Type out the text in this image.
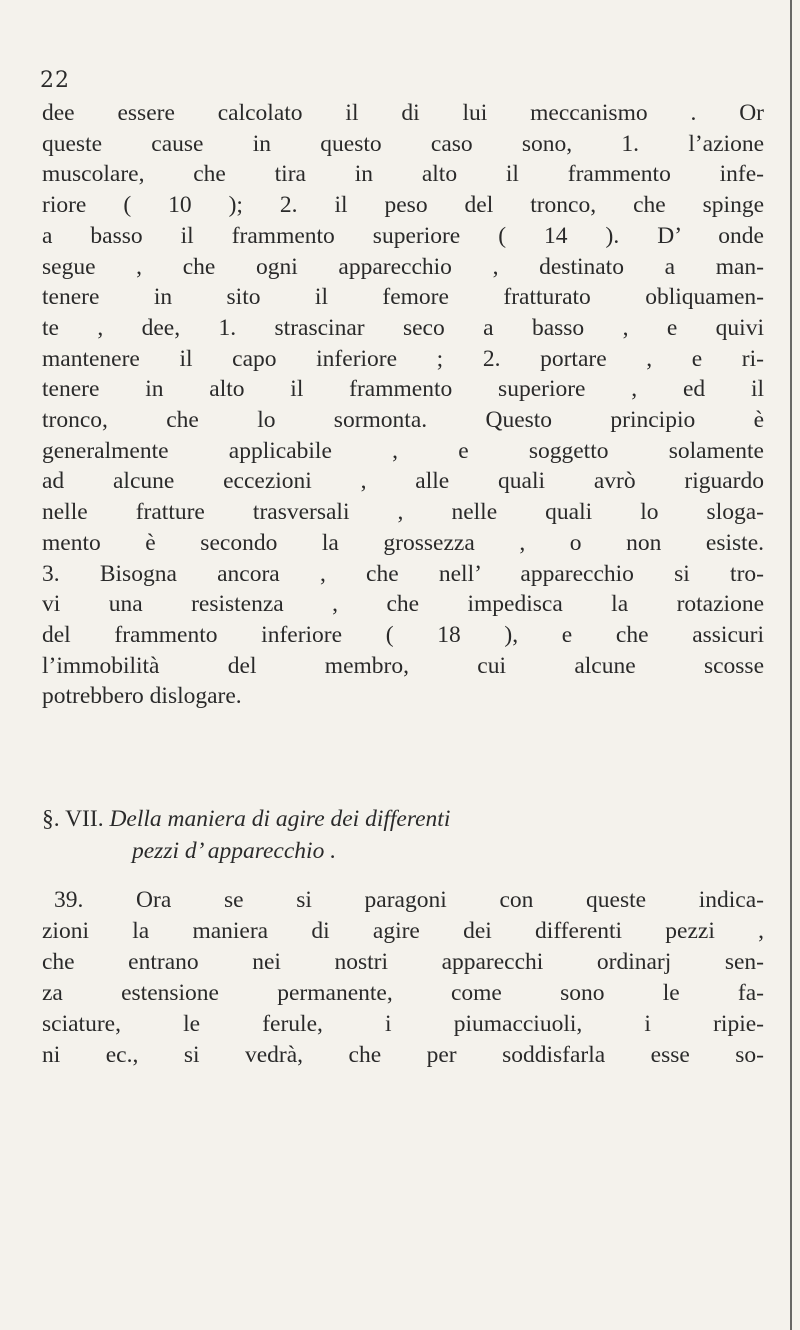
22
dee essere calcolato il di lui meccanismo . Or
queste cause in questo caso sono, 1. l’azione
muscolare, che tira in alto il frammento infe-
riore ( 10 ); 2. il peso del tronco, che spinge
a basso il frammento superiore ( 14 ). D’ onde
segue , che ogni apparecchio , destinato a man-
tenere in sito il femore fratturato obliquamen-
te , dee, 1. strascinar seco a basso , e quivi
mantenere il capo inferiore ; 2. portare , e ri-
tenere in alto il frammento superiore , ed il
tronco, che lo sormonta. Questo principio è
generalmente applicabile , e soggetto solamente
ad alcune eccezioni , alle quali avrò riguardo
nelle fratture trasversali , nelle quali lo sloga-
mento è secondo la grossezza , o non esiste.
3. Bisogna ancora , che nell’ apparecchio si tro-
vi una resistenza , che impedisca la rotazione
del frammento inferiore ( 18 ), e che assicuri
l’immobilità del membro, cui alcune scosse
potrebbero dislogare.
§. VII. Della maniera di agire dei differenti
pezzi d’ apparecchio .
39. Ora se si paragoni con queste indica-
zioni la maniera di agire dei differenti pezzi ,
che entrano nei nostri apparecchi ordinarj sen-
za estensione permanente, come sono le fa-
sciature, le ferule, i piumacciuoli, i ripie-
ni ec., si vedrà, che per soddisfarla esse so-
